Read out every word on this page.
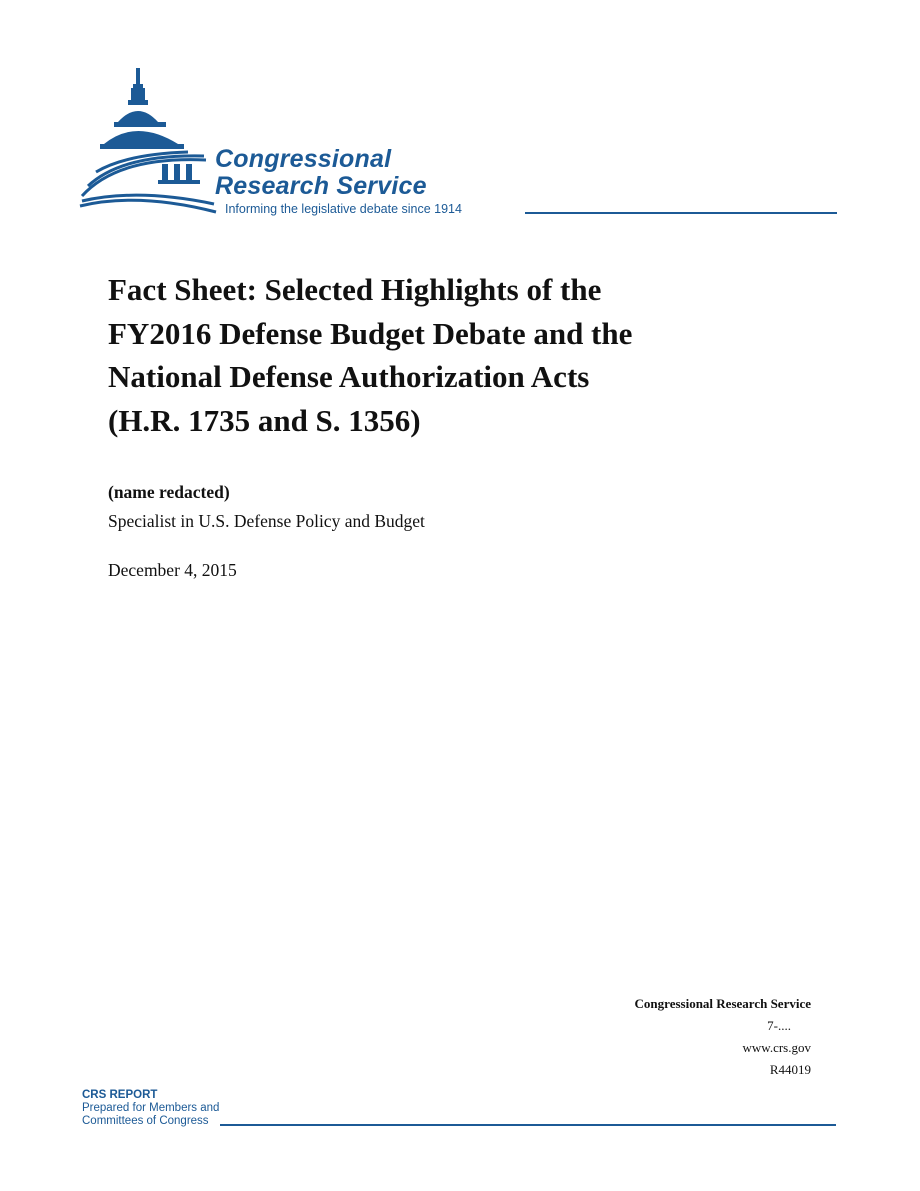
Congressional
Research Service
Informing the legislative debate since 1914
Fact Sheet: Selected Highlights of the
FY2016 Defense Budget Debate and the
National Defense Authorization Acts
(H.R. 1735 and S. 1356)
(name redacted)
Specialist in U.S. Defense Policy and Budget
December 4, 2015
Congressional Research Service
7-....
www.crs.gov
R44019
CRS REPORT
Prepared for Members and
Committees of Congress
